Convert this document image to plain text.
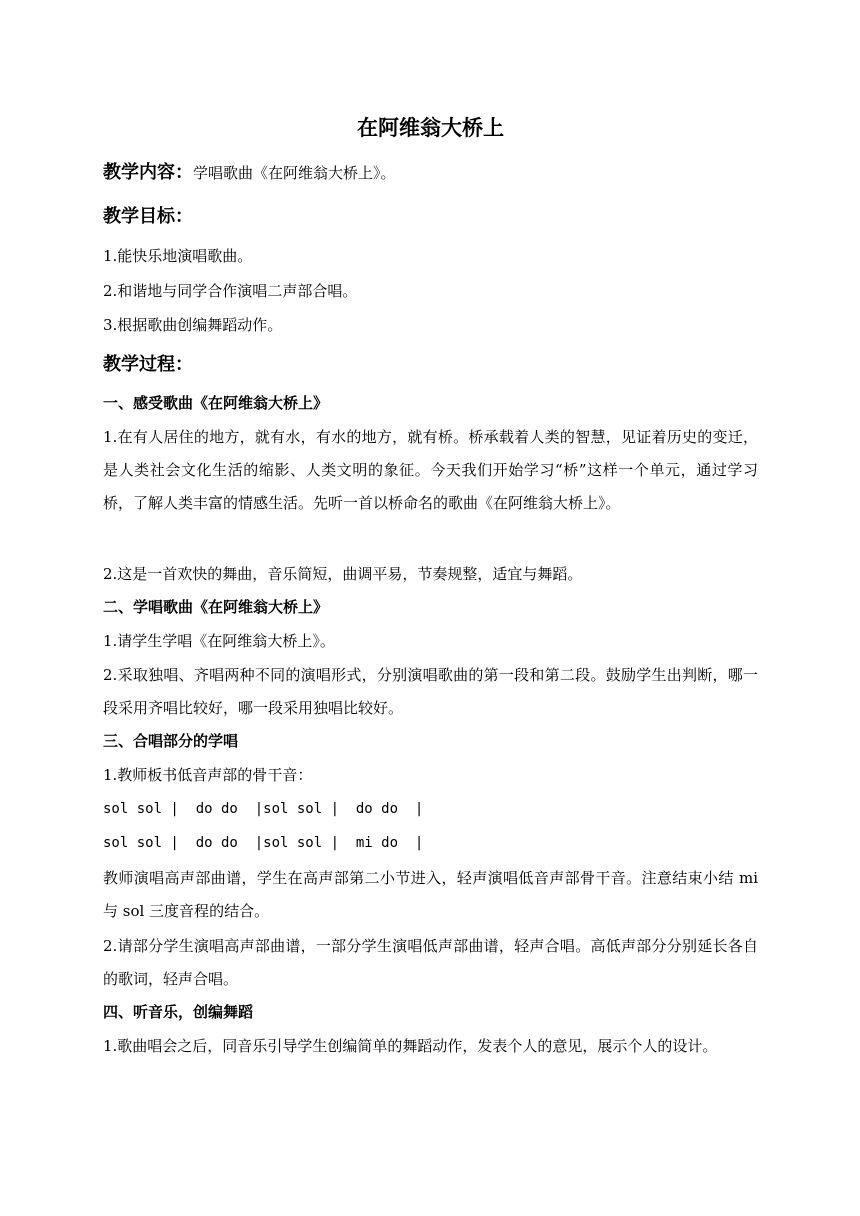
在阿维翁大桥上
教学内容：学唱歌曲《在阿维翁大桥上》。
教学目标：
1.能快乐地演唱歌曲。
2.和谐地与同学合作演唱二声部合唱。
3.根据歌曲创编舞蹈动作。
教学过程：
一、感受歌曲《在阿维翁大桥上》
1.在有人居住的地方，就有水，有水的地方，就有桥。桥承载着人类的智慧，见证着历史的变迁，是人类社会文化生活的缩影、人类文明的象征。今天我们开始学习“桥”这样一个单元，通过学习桥，了解人类丰富的情感生活。先听一首以桥命名的歌曲《在阿维翁大桥上》。
2.这是一首欢快的舞曲，音乐简短，曲调平易，节奏规整，适宜与舞蹈。
二、学唱歌曲《在阿维翁大桥上》
1.请学生学唱《在阿维翁大桥上》。
2.采取独唱、齐唱两种不同的演唱形式，分别演唱歌曲的第一段和第二段。鼓励学生出判断，哪一段采用齐唱比较好，哪一段采用独唱比较好。
三、合唱部分的学唱
1.教师板书低音声部的骨干音：
sol sol |  do do  |sol sol |  do do  |
sol sol |  do do  |sol sol |  mi do  |
教师演唱高声部曲谱，学生在高声部第二小节进入，轻声演唱低音声部骨干音。注意结束小结 mi 与 sol 三度音程的结合。
2.请部分学生演唱高声部曲谱，一部分学生演唱低声部曲谱，轻声合唱。高低声部分分别延长各自的歌词，轻声合唱。
四、听音乐，创编舞蹈
1.歌曲唱会之后，同音乐引导学生创编简单的舞蹈动作，发表个人的意见，展示个人的设计。
